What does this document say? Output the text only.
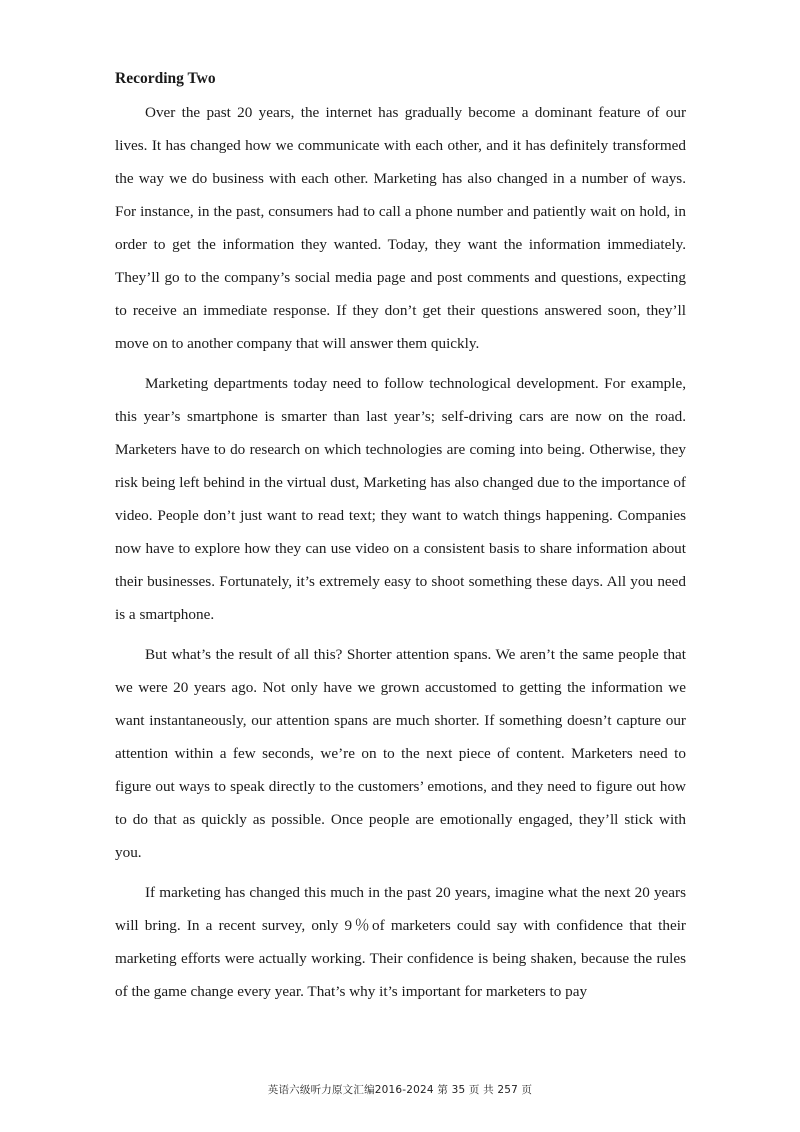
Recording Two

Over the past 20 years, the internet has gradually become a dominant feature of our lives. It has changed how we communicate with each other, and it has definitely transformed the way we do business with each other. Marketing has also changed in a number of ways. For instance, in the past, consumers had to call a phone number and patiently wait on hold, in order to get the information they wanted. Today, they want the information immediately. They’ll go to the company’s social media page and post comments and questions, expecting to receive an immediate response. If they don’t get their questions answered soon, they’ll move on to another company that will answer them quickly.

Marketing departments today need to follow technological development. For example, this year’s smartphone is smarter than last year’s; self-driving cars are now on the road. Marketers have to do research on which technologies are coming into being. Otherwise, they risk being left behind in the virtual dust, Marketing has also changed due to the importance of video. People don’t just want to read text; they want to watch things happening. Companies now have to explore how they can use video on a consistent basis to share information about their businesses. Fortunately, it’s extremely easy to shoot something these days. All you need is a smartphone.

But what’s the result of all this? Shorter attention spans. We aren’t the same people that we were 20 years ago. Not only have we grown accustomed to getting the information we want instantaneously, our attention spans are much shorter. If something doesn’t capture our attention within a few seconds, we’re on to the next piece of content. Marketers need to figure out ways to speak directly to the customers’ emotions, and they need to figure out how to do that as quickly as possible. Once people are emotionally engaged, they’ll stick with you.

If marketing has changed this much in the past 20 years, imagine what the next 20 years will bring. In a recent survey, only 9％of marketers could say with confidence that their marketing efforts were actually working. Their confidence is being shaken, because the rules of the game change every year. That’s why it’s important for marketers to pay

英语六级听力原文汇编2016-2024 第 35 页 共 257 页
